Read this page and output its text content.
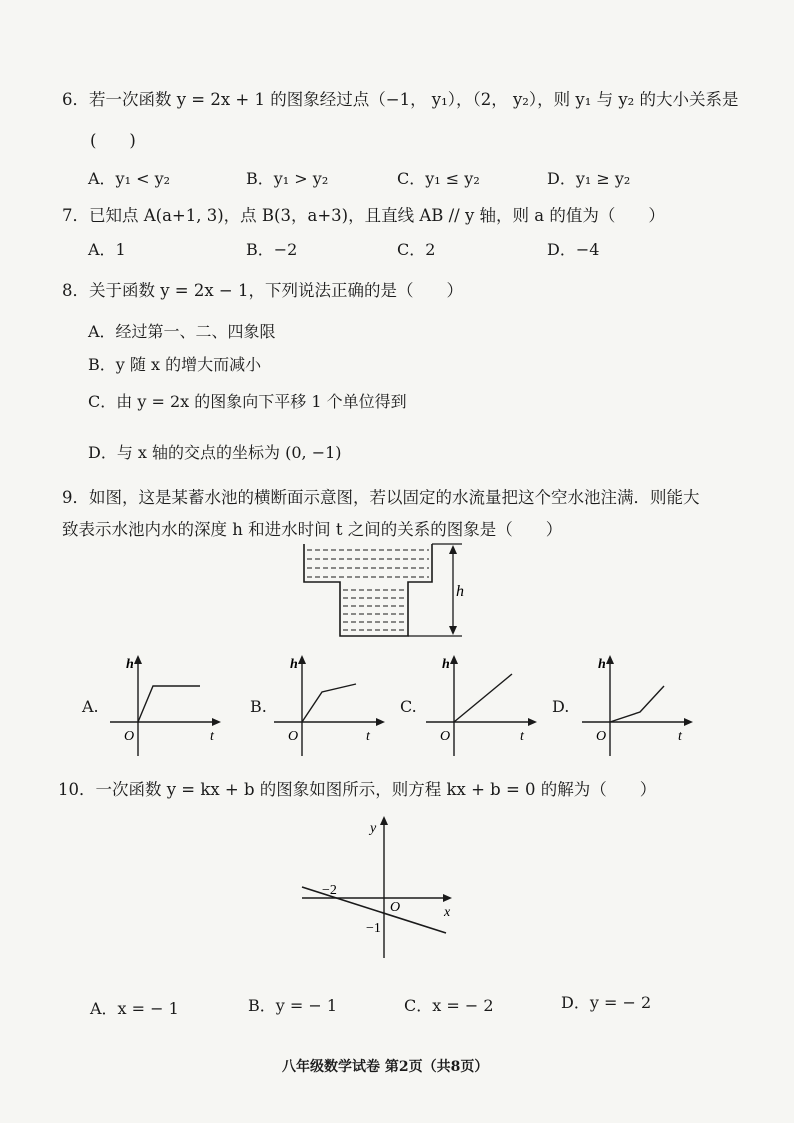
6．若一次函数 y = 2x + 1 的图象经过点（−1， y₁），（2， y₂），则 y₁ 与 y₂ 的大小关系是
(　　)
A．y₁ < y₂	B．y₁ > y₂	C．y₁ ≤ y₂	D．y₁ ≥ y₂
7．已知点 A(a+1, 3)，点 B(3，a+3)，且直线 AB // y 轴，则 a 的值为（　　）
A．1	B．−2	C．2	D．−4
8．关于函数 y = 2x − 1，下列说法正确的是（　　）
A．经过第一、二、四象限
B．y 随 x 的增大而减小
C．由 y = 2x 的图象向下平移 1 个单位得到
D．与 x 轴的交点的坐标为 (0, −1)
9．如图，这是某蓄水池的横断面示意图，若以固定的水流量把这个空水池注满．则能大
致表示水池内水的深度 h 和进水时间 t 之间的关系的图象是（　　）
h
A.
h
t
O
B.
h
t
O
C.
h
t
O
D.
h
t
O
10．一次函数 y = kx + b 的图象如图所示，则方程 kx + b = 0 的解为（　　）
y
x
O
−2
−1
A．x = − 1	B．y = − 1	C．x = − 2	D．y = − 2
八年级数学试卷 第2页（共8页）
